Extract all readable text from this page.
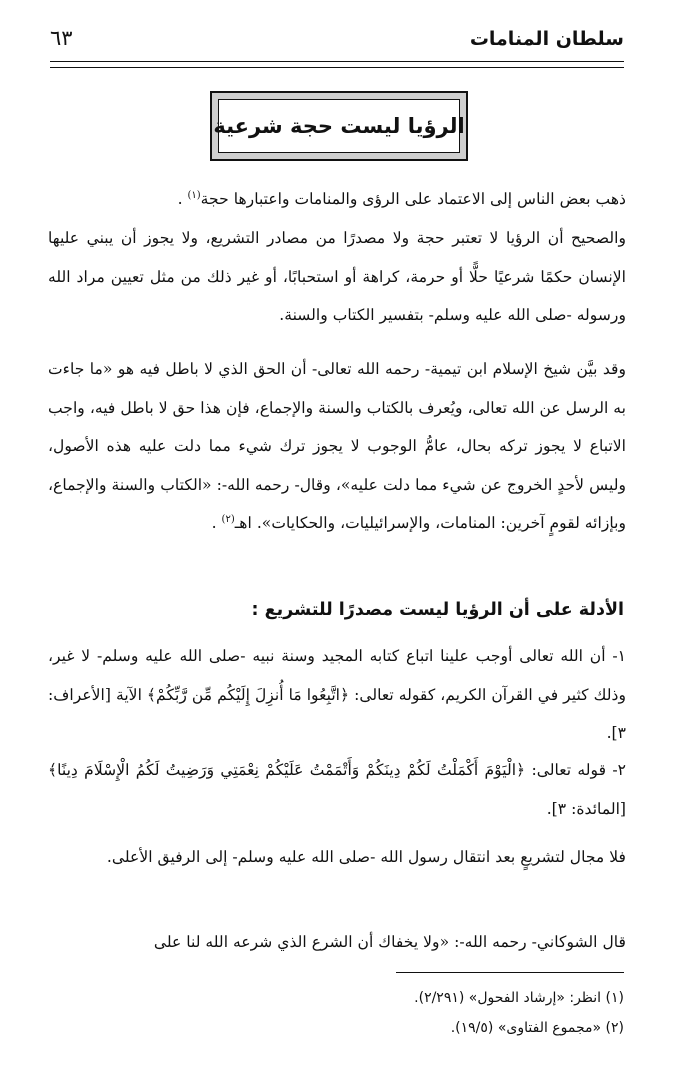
سلطان المنامات
٦٣
الرؤيا ليست حجة شرعية
ذهب بعض الناس إلى الاعتماد على الرؤى والمنامات واعتبارها حجة$^{(١)}$ .
والصحيح أن الرؤيا لا تعتبر حجة ولا مصدرًا من مصادر التشريع، ولا يجوز أن يبني عليها الإنسان حكمًا شرعيًا حلًّا أو حرمة، كراهة أو استحبابًا، أو غير ذلك من مثل تعيين مراد الله ورسوله -صلى الله عليه وسلم- بتفسير الكتاب والسنة.
وقد بيَّن شيخ الإسلام ابن تيمية- رحمه الله تعالى- أن الحق الذي لا باطل فيه هو «ما جاءت به الرسل عن الله تعالى، ويُعرف بالكتاب والسنة والإجماع، فإن هذا حق لا باطل فيه، واجب الاتباع لا يجوز تركه بحال، عامُّ الوجوب لا يجوز ترك شيء مما دلت عليه هذه الأصول، وليس لأحدٍ الخروج عن شيء مما دلت عليه»، وقال- رحمه الله-: «الكتاب والسنة والإجماع، وبإزائه لقومٍ آخرين: المنامات، والإسرائيليات، والحكايات». اهـ$^{(٢)}$ .
الأدلة على أن الرؤيا ليست مصدرًا للتشريع :
١- أن الله تعالى أوجب علينا اتباع كتابه المجيد وسنة نبيه -صلى الله عليه وسلم- لا غير، وذلك كثير في القرآن الكريم، كقوله تعالى: ﴿اتَّبِعُوا مَا أُنزِلَ إِلَيْكُم مِّن رَّبِّكُمْ﴾ الآية [الأعراف: ٣].
٢- قوله تعالى: ﴿الْيَوْمَ أَكْمَلْتُ لَكُمْ دِينَكُمْ وَأَتْمَمْتُ عَلَيْكُمْ نِعْمَتِي وَرَضِيتُ لَكُمُ الْإِسْلَامَ دِينًا﴾ [المائدة: ٣].
فلا مجال لتشريعٍ بعد انتقال رسول الله -صلى الله عليه وسلم- إلى الرفيق الأعلى.
قال الشوكاني- رحمه الله-: «ولا يخفاك أن الشرع الذي شرعه الله لنا على
(١) انظر: «إرشاد الفحول» (٢/٢٩١).
(٢) «مجموع الفتاوى» (١٩/٥).
